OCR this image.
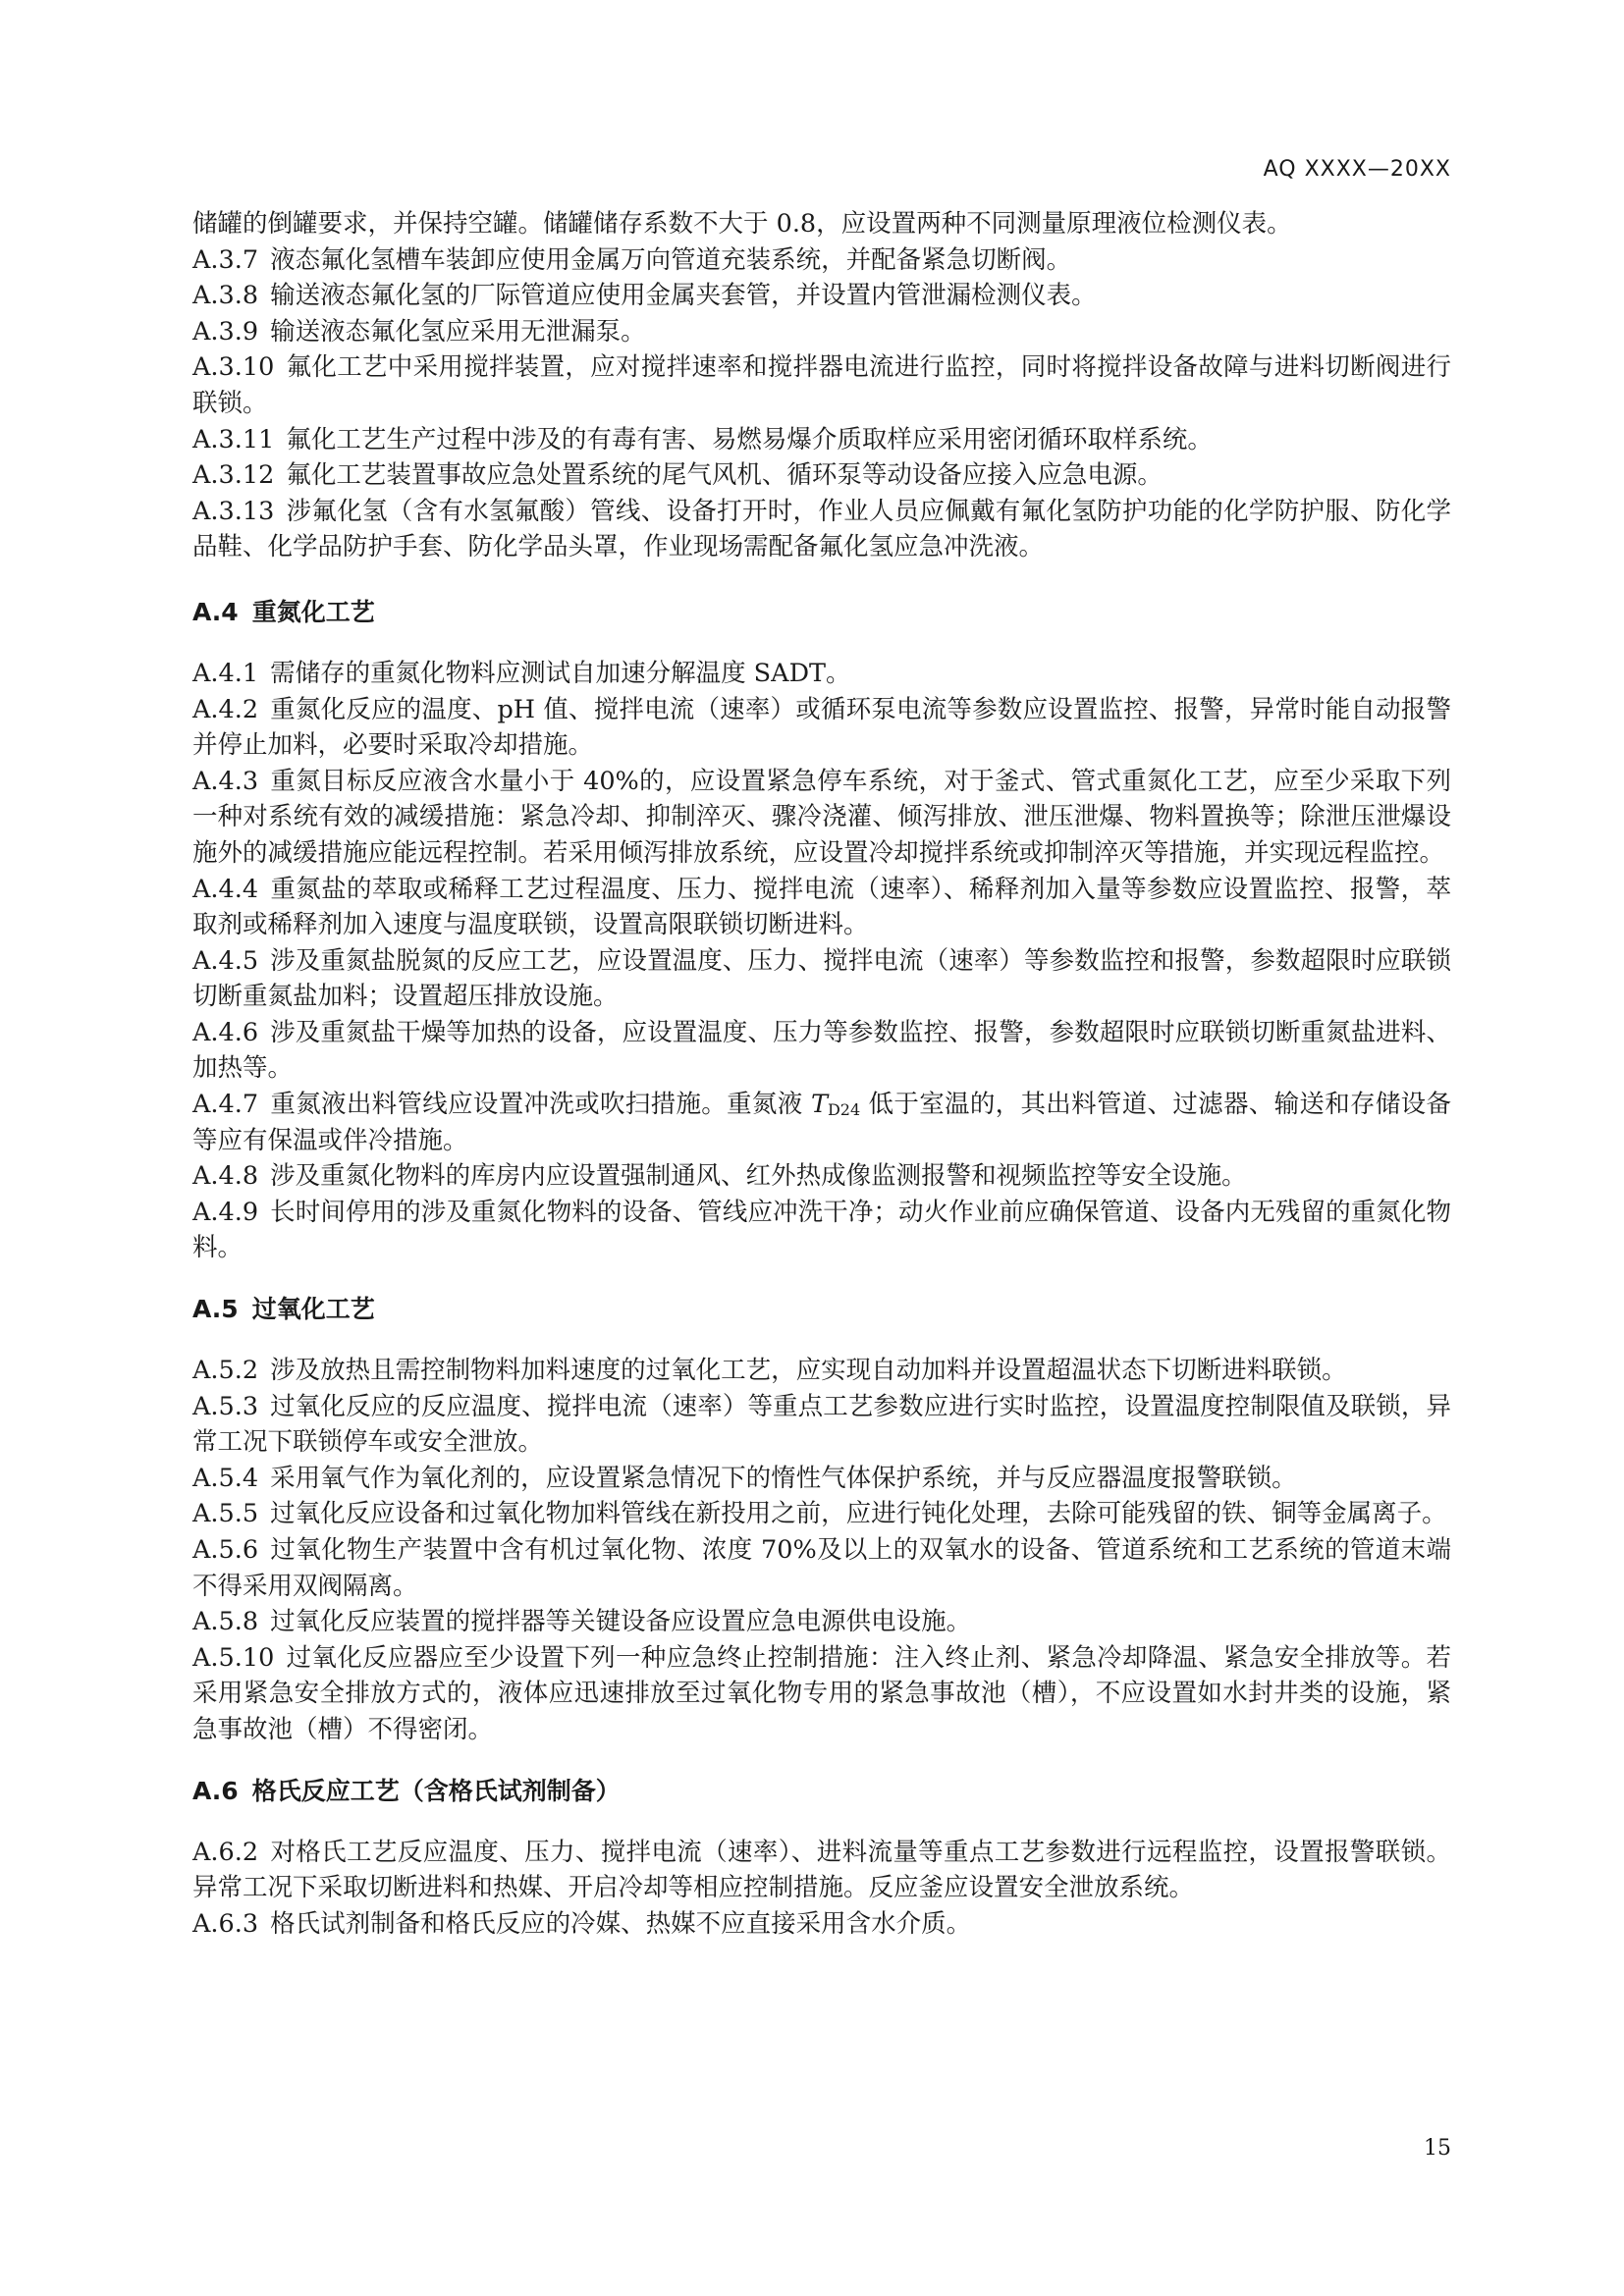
AQ XXXX—20XX

储罐的倒罐要求，并保持空罐。储罐储存系数不大于 0.8，应设置两种不同测量原理液位检测仪表。

A.3.7 液态氟化氢槽车装卸应使用金属万向管道充装系统，并配备紧急切断阀。

A.3.8 输送液态氟化氢的厂际管道应使用金属夹套管，并设置内管泄漏检测仪表。

A.3.9 输送液态氟化氢应采用无泄漏泵。

A.3.10 氟化工艺中采用搅拌装置，应对搅拌速率和搅拌器电流进行监控，同时将搅拌设备故障与进料切断阀进行联锁。

A.3.11 氟化工艺生产过程中涉及的有毒有害、易燃易爆介质取样应采用密闭循环取样系统。

A.3.12 氟化工艺装置事故应急处置系统的尾气风机、循环泵等动设备应接入应急电源。

A.3.13 涉氟化氢（含有水氢氟酸）管线、设备打开时，作业人员应佩戴有氟化氢防护功能的化学防护服、防化学品鞋、化学品防护手套、防化学品头罩，作业现场需配备氟化氢应急冲洗液。

A.4 重氮化工艺

A.4.1 需储存的重氮化物料应测试自加速分解温度 SADT。

A.4.2 重氮化反应的温度、pH 值、搅拌电流（速率）或循环泵电流等参数应设置监控、报警，异常时能自动报警并停止加料，必要时采取冷却措施。

A.4.3 重氮目标反应液含水量小于 40%的，应设置紧急停车系统，对于釜式、管式重氮化工艺，应至少采取下列一种对系统有效的减缓措施：紧急冷却、抑制淬灭、骤冷浇灌、倾泻排放、泄压泄爆、物料置换等；除泄压泄爆设施外的减缓措施应能远程控制。若采用倾泻排放系统，应设置冷却搅拌系统或抑制淬灭等措施，并实现远程监控。

A.4.4 重氮盐的萃取或稀释工艺过程温度、压力、搅拌电流（速率）、稀释剂加入量等参数应设置监控、报警，萃取剂或稀释剂加入速度与温度联锁，设置高限联锁切断进料。

A.4.5 涉及重氮盐脱氮的反应工艺，应设置温度、压力、搅拌电流（速率）等参数监控和报警，参数超限时应联锁切断重氮盐加料；设置超压排放设施。

A.4.6 涉及重氮盐干燥等加热的设备，应设置温度、压力等参数监控、报警，参数超限时应联锁切断重氮盐进料、加热等。

A.4.7 重氮液出料管线应设置冲洗或吹扫措施。重氮液 $T_{D24}$ 低于室温的，其出料管道、过滤器、输送和存储设备等应有保温或伴冷措施。

A.4.8 涉及重氮化物料的库房内应设置强制通风、红外热成像监测报警和视频监控等安全设施。

A.4.9 长时间停用的涉及重氮化物料的设备、管线应冲洗干净；动火作业前应确保管道、设备内无残留的重氮化物料。

A.5 过氧化工艺

A.5.2 涉及放热且需控制物料加料速度的过氧化工艺，应实现自动加料并设置超温状态下切断进料联锁。

A.5.3 过氧化反应的反应温度、搅拌电流（速率）等重点工艺参数应进行实时监控，设置温度控制限值及联锁，异常工况下联锁停车或安全泄放。

A.5.4 采用氧气作为氧化剂的，应设置紧急情况下的惰性气体保护系统，并与反应器温度报警联锁。

A.5.5 过氧化反应设备和过氧化物加料管线在新投用之前，应进行钝化处理，去除可能残留的铁、铜等金属离子。

A.5.6 过氧化物生产装置中含有机过氧化物、浓度 70%及以上的双氧水的设备、管道系统和工艺系统的管道末端不得采用双阀隔离。

A.5.8 过氧化反应装置的搅拌器等关键设备应设置应急电源供电设施。

A.5.10 过氧化反应器应至少设置下列一种应急终止控制措施：注入终止剂、紧急冷却降温、紧急安全排放等。若采用紧急安全排放方式的，液体应迅速排放至过氧化物专用的紧急事故池（槽），不应设置如水封井类的设施，紧急事故池（槽）不得密闭。

A.6 格氏反应工艺（含格氏试剂制备）

A.6.2 对格氏工艺反应温度、压力、搅拌电流（速率）、进料流量等重点工艺参数进行远程监控，设置报警联锁。异常工况下采取切断进料和热媒、开启冷却等相应控制措施。反应釜应设置安全泄放系统。

A.6.3 格氏试剂制备和格氏反应的冷媒、热媒不应直接采用含水介质。

15
